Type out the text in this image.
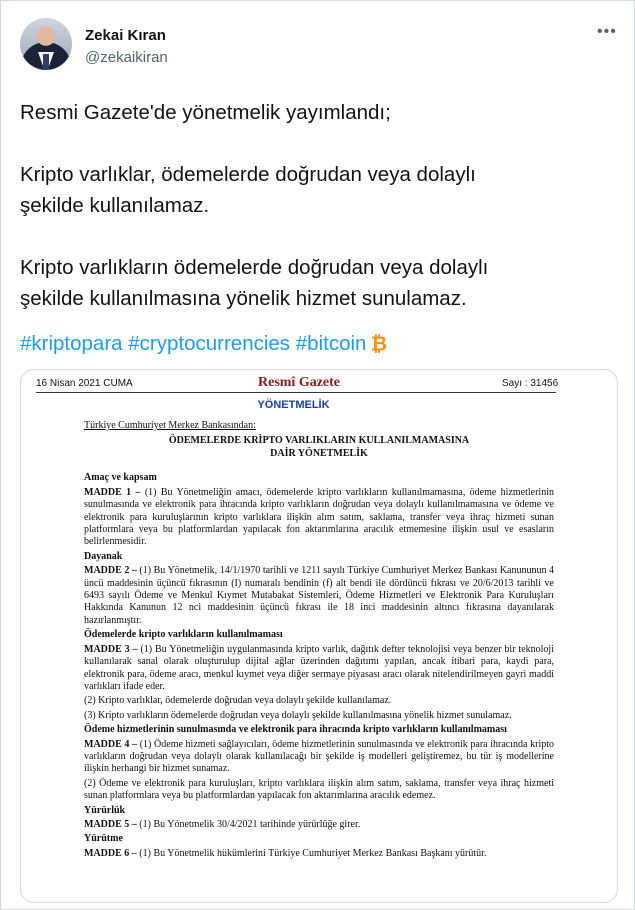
Zekai Kıran
@zekaikiran
•••

Resmi Gazete'de yönetmelik yayımlandı;

Kripto varlıklar, ödemelerde doğrudan veya dolaylı

şekilde kullanılamaz.

Kripto varlıkların ödemelerde doğrudan veya dolaylı

şekilde kullanılmasına yönelik hizmet sunulamaz.

#kriptopara #cryptocurrencies #bitcoin ₿
16 Nisan 2021 CUMA	Resmî Gazete	Sayı : 31456
YÖNETMELİK

Türkiye Cumhuriyet Merkez Bankasından:

ÖDEMELERDE KRİPTO VARLIKLARIN KULLANILMAMASINA
DAİR YÖNETMELİK

Amaç ve kapsam

MADDE 1 – (1) Bu Yönetmeliğin amacı, ödemelerde kripto varlıkların kullanılmamasına, ödeme hizmetlerinin sunulmasında ve elektronik para ihracında kripto varlıkların doğrudan veya dolaylı kullanılmamasına ve ödeme ve elektronik para kuruluşlarının kripto varlıklara ilişkin alım satım, saklama, transfer veya ihraç hizmeti sunan platformlara veya bu platformlardan yapılacak fon aktarımlarına aracılık etmemesine ilişkin usul ve esasların belirlenmesidir.

Dayanak

MADDE 2 – (1) Bu Yönetmelik, 14/1/1970 tarihli ve 1211 sayılı Türkiye Cumhuriyet Merkez Bankası Kanununun 4 üncü maddesinin üçüncü fıkrasının (I) numaralı bendinin (f) alt bendi ile dördüncü fıkrası ve 20/6/2013 tarihli ve 6493 sayılı Ödeme ve Menkul Kıymet Mutabakat Sistemleri, Ödeme Hizmetleri ve Elektronik Para Kuruluşları Hakkında Kanunun 12 nci maddesinin üçüncü fıkrası ile 18 inci maddesinin altıncı fıkrasına dayanılarak hazırlanmıştır.

Ödemelerde kripto varlıkların kullanılmaması

MADDE 3 – (1) Bu Yönetmeliğin uygulanmasında kripto varlık, dağıtık defter teknolojisi veya benzer bir teknoloji kullanılarak sanal olarak oluşturulup dijital ağlar üzerinden dağıtımı yapılan, ancak itibari para, kaydi para, elektronik para, ödeme aracı, menkul kıymet veya diğer sermaye piyasası aracı olarak nitelendirilmeyen gayri maddi varlıkları ifade eder.

(2) Kripto varlıklar, ödemelerde doğrudan veya dolaylı şekilde kullanılamaz.

(3) Kripto varlıkların ödemelerde doğrudan veya dolaylı şekilde kullanılmasına yönelik hizmet sunulamaz.

Ödeme hizmetlerinin sunulmasında ve elektronik para ihracında kripto varlıkların kullanılmaması

MADDE 4 – (1) Ödeme hizmeti sağlayıcıları, ödeme hizmetlerinin sunulmasında ve elektronik para ihracında kripto varlıkların doğrudan veya dolaylı olarak kullanılacağı bir şekilde iş modelleri geliştiremez, bu tür iş modellerine ilişkin herhangi bir hizmet sunamaz.

(2) Ödeme ve elektronik para kuruluşları, kripto varlıklara ilişkin alım satım, saklama, transfer veya ihraç hizmeti sunan platformlara veya bu platformlardan yapılacak fon aktarımlarına aracılık edemez.

Yürürlük

MADDE 5 – (1) Bu Yönetmelik 30/4/2021 tarihinde yürürlüğe girer.

Yürütme

MADDE 6 – (1) Bu Yönetmelik hükümlerini Türkiye Cumhuriyet Merkez Bankası Başkanı yürütür.
